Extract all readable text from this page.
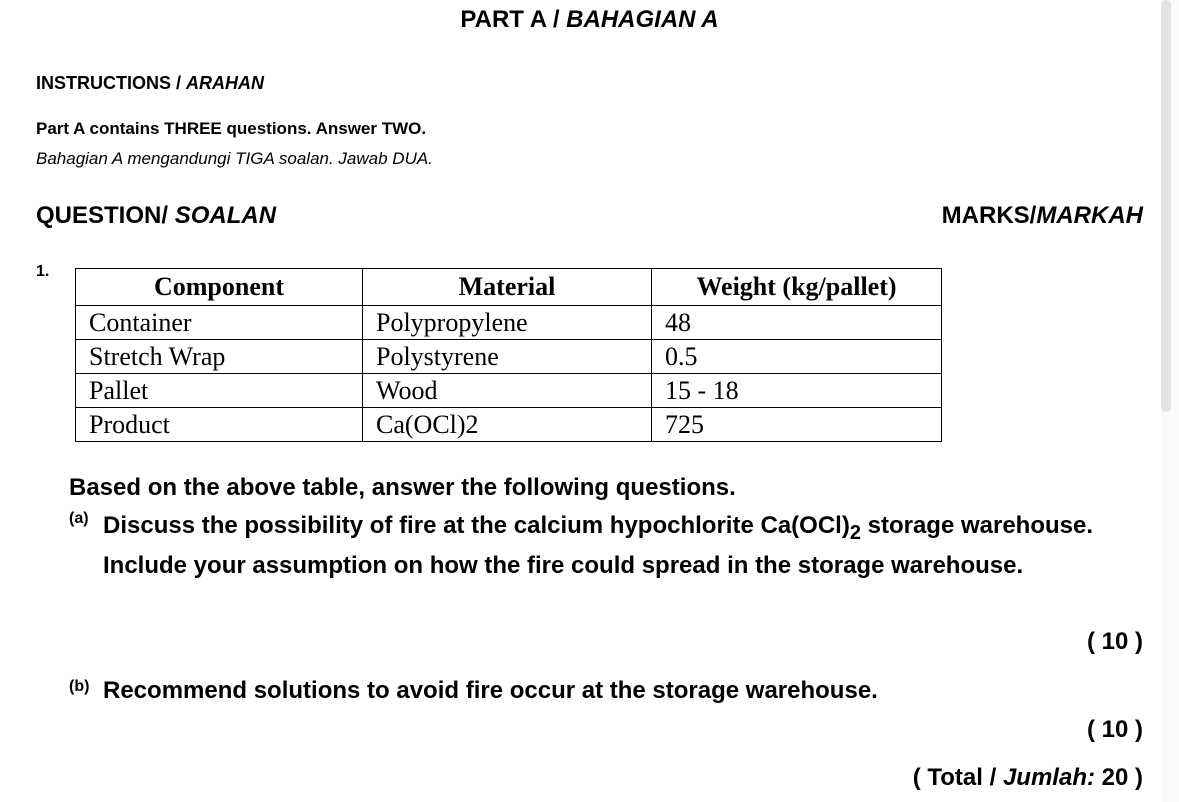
PART A / BAHAGIAN A
INSTRUCTIONS / ARAHAN
Part A contains THREE questions. Answer TWO.
Bahagian A mengandungi TIGA soalan. Jawab DUA.
QUESTION/ SOALAN	MARKS/MARKAH
1.
Component	Material	Weight (kg/pallet)
Container	Polypropylene	48
Stretch Wrap	Polystyrene	0.5
Pallet	Wood	15 - 18
Product	Ca(OCl)2	725
Based on the above table, answer the following questions.
(a) Discuss the possibility of fire at the calcium hypochlorite $Ca(OCl)_2$ storage warehouse. Include your assumption on how the fire could spread in the storage warehouse.
( 10 )
(b) Recommend solutions to avoid fire occur at the storage warehouse.
( 10 )
( Total / Jumlah: 20 )
